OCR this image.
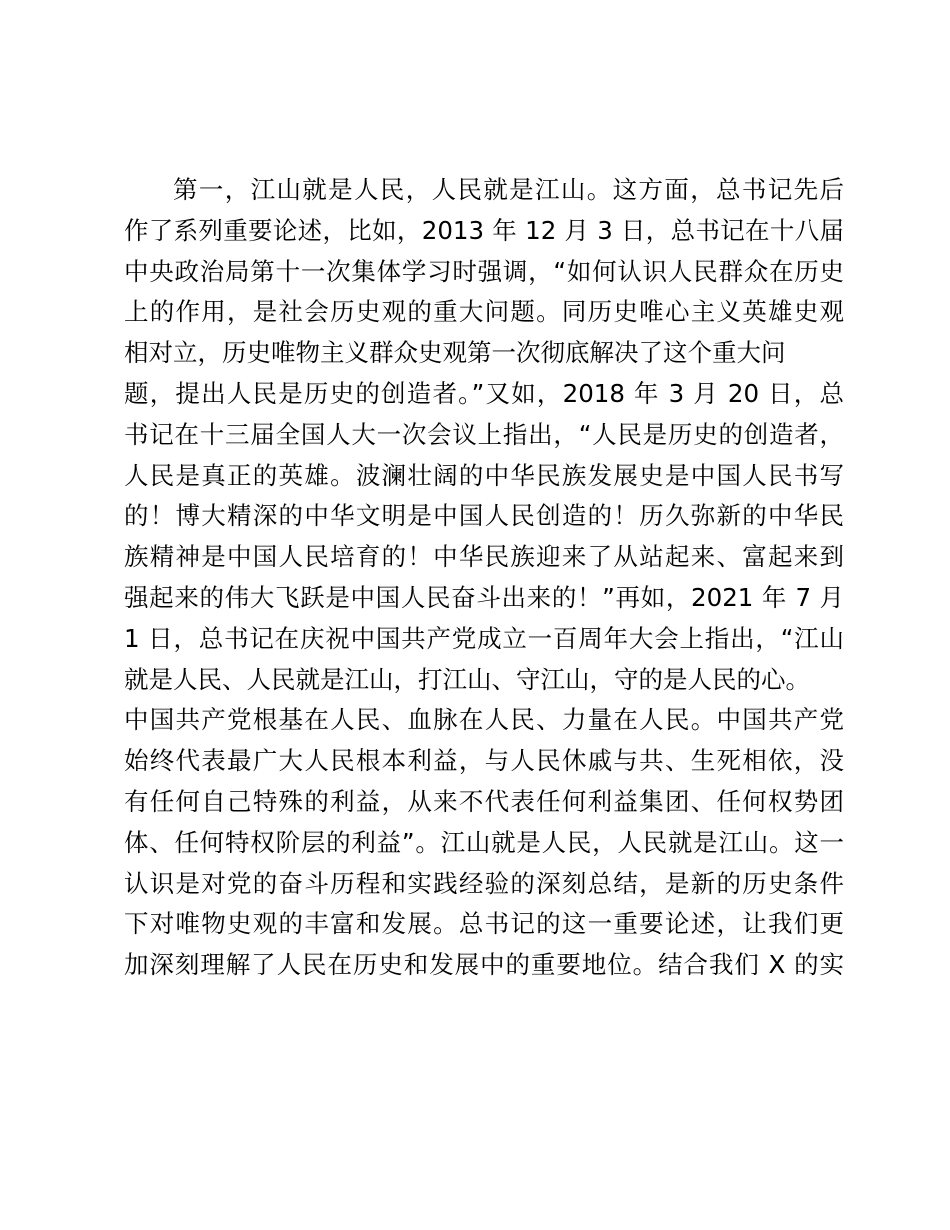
第一，江山就是人民，人民就是江山。这方面，总书记先后
作了系列重要论述，比如，2013 年 12 月 3 日，总书记在十八届
中央政治局第十一次集体学习时强调，“如何认识人民群众在历史
上的作用，是社会历史观的重大问题。同历史唯心主义英雄史观
相对立，历史唯物主义群众史观第一次彻底解决了这个重大问
题，提出人民是历史的创造者。”又如，2018 年 3 月 20 日，总
书记在十三届全国人大一次会议上指出，“人民是历史的创造者，
人民是真正的英雄。波澜壮阔的中华民族发展史是中国人民书写
的！博大精深的中华文明是中国人民创造的！历久弥新的中华民
族精神是中国人民培育的！中华民族迎来了从站起来、富起来到
强起来的伟大飞跃是中国人民奋斗出来的！”再如，2021 年 7 月
1 日，总书记在庆祝中国共产党成立一百周年大会上指出，“江山
就是人民、人民就是江山，打江山、守江山，守的是人民的心。
中国共产党根基在人民、血脉在人民、力量在人民。中国共产党
始终代表最广大人民根本利益，与人民休戚与共、生死相依，没
有任何自己特殊的利益，从来不代表任何利益集团、任何权势团
体、任何特权阶层的利益”。江山就是人民，人民就是江山。这一
认识是对党的奋斗历程和实践经验的深刻总结，是新的历史条件
下对唯物史观的丰富和发展。总书记的这一重要论述，让我们更
加深刻理解了人民在历史和发展中的重要地位。结合我们 X 的实
